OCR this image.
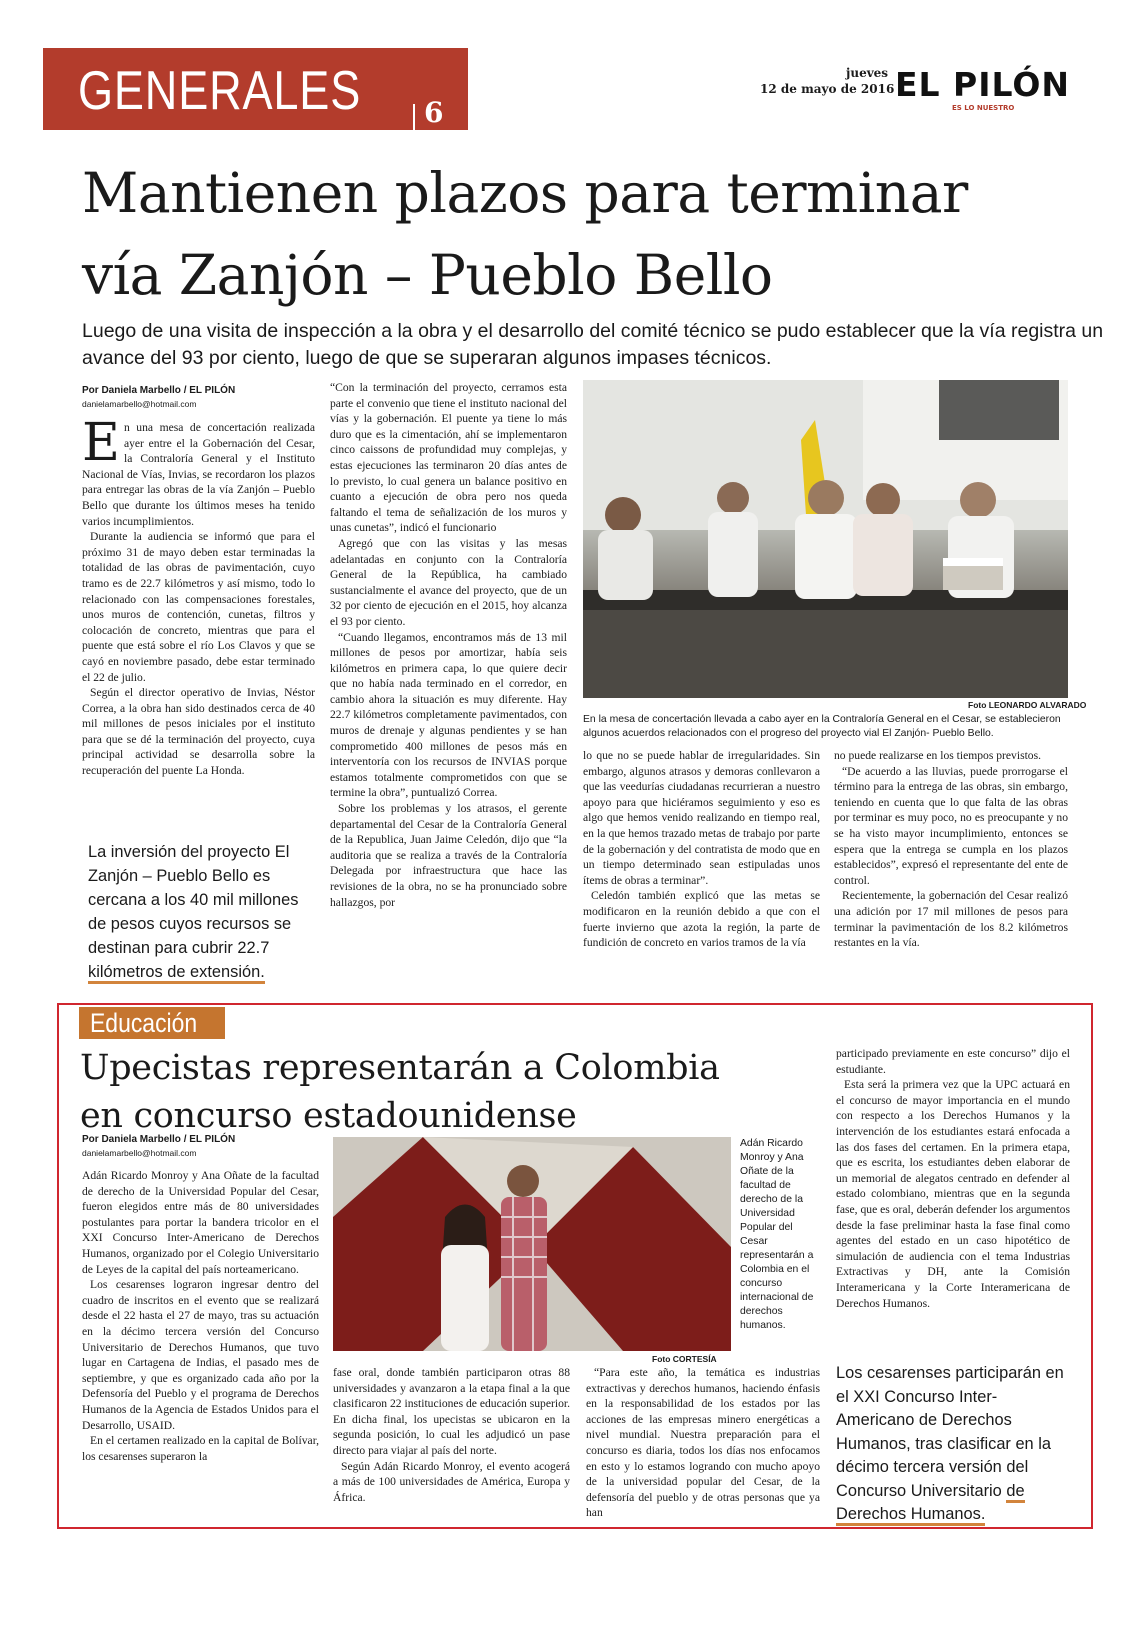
GENERALES 6
jueves
12 de mayo de 2016 EL PILÓN
ES LO NUESTRO
Mantienen plazos para terminar
vía Zanjón – Pueblo Bello
Luego de una visita de inspección a la obra y el desarrollo del comité técnico se pudo establecer que la vía registra un avance del 93 por ciento, luego de que se superaran algunos impases técnicos.
Por Daniela Marbello / EL PILÓN
danielamarbello@hotmail.com

En una mesa de concertación realizada ayer entre el la Gobernación del Cesar, la Contraloría General y el Instituto Nacional de Vías, Invias, se recordaron los plazos para entregar las obras de la vía Zanjón – Pueblo Bello que durante los últimos meses ha tenido varios incumplimientos.

Durante la audiencia se informó que para el próximo 31 de mayo deben estar terminadas la totalidad de las obras de pavimentación, cuyo tramo es de 22.7 kilómetros y así mismo, todo lo relacionado con las compensaciones forestales, unos muros de contención, cunetas, filtros y colocación de concreto, mientras que para el puente que está sobre el río Los Clavos y que se cayó en noviembre pasado, debe estar terminado el 22 de julio.

Según el director operativo de Invias, Néstor Correa, a la obra han sido destinados cerca de 40 mil millones de pesos iniciales por el instituto para que se dé la terminación del proyecto, cuya principal actividad se desarrolla sobre la recuperación del puente La Honda.

La inversión del proyecto El Zanjón – Pueblo Bello es cercana a los 40 mil millones de pesos cuyos recursos se destinan para cubrir 22.7 kilómetros de extensión.

“Con la terminación del proyecto, cerramos esta parte el convenio que tiene el instituto nacional del vías y la gobernación. El puente ya tiene lo más duro que es la cimentación, ahí se implementaron cinco caissons de profundidad muy complejas, y estas ejecuciones las terminaron 20 días antes de lo previsto, lo cual genera un balance positivo en cuanto a ejecución de obra pero nos queda faltando el tema de señalización de los muros y unas cunetas”, indicó el funcionario

Agregó que con las visitas y las mesas adelantadas en conjunto con la Contraloría General de la República, ha cambiado sustancialmente el avance del proyecto, que de un 32 por ciento de ejecución en el 2015, hoy alcanza el 93 por ciento.

“Cuando llegamos, encontramos más de 13 mil millones de pesos por amortizar, había seis kilómetros en primera capa, lo que quiere decir que no había nada terminado en el corredor, en cambio ahora la situación es muy diferente. Hay 22.7 kilómetros completamente pavimentados, con muros de drenaje y algunas pendientes y se han comprometido 400 millones de pesos más en interventoría con los recursos de INVIAS porque estamos totalmente comprometidos con que se termine la obra”, puntualizó Correa.

Sobre los problemas y los atrasos, el gerente departamental del Cesar de la Contraloría General de la Republica, Juan Jaime Celedón, dijo que “la auditoria que se realiza a través de la Contraloría Delegada por infraestructura que hace las revisiones de la obra, no se ha pronunciado sobre hallazgos, por

Foto LEONARDO ALVARADO
En la mesa de concertación llevada a cabo ayer en la Contraloría General en el Cesar, se establecieron algunos acuerdos relacionados con el progreso del proyecto vial El Zanjón- Pueblo Bello.

lo que no se puede hablar de irregularidades. Sin embargo, algunos atrasos y demoras conllevaron a que las veedurías ciudadanas recurrieran a nuestro apoyo para que hiciéramos seguimiento y eso es algo que hemos venido realizando en tiempo real, en la que hemos trazado metas de trabajo por parte de la gobernación y del contratista de modo que en un tiempo determinado sean estipuladas unos ítems de obras a terminar”.

Celedón también explicó que las metas se modificaron en la reunión debido a que con el fuerte invierno que azota la región, la parte de fundición de concreto en varios tramos de la vía

no puede realizarse en los tiempos previstos.

“De acuerdo a las lluvias, puede prorrogarse el término para la entrega de las obras, sin embargo, teniendo en cuenta que lo que falta de las obras por terminar es muy poco, no es preocupante y no se ha visto mayor incumplimiento, entonces se espera que la entrega se cumpla en los plazos establecidos”, expresó el representante del ente de control.

Recientemente, la gobernación del Cesar realizó una adición por 17 mil millones de pesos para terminar la pavimentación de los 8.2 kilómetros restantes en la vía.

Educación
Upecistas representarán a Colombia
en concurso estadounidense
Por Daniela Marbello / EL PILÓN
danielamarbello@hotmail.com

Adán Ricardo Monroy y Ana Oñate de la facultad de derecho de la Universidad Popular del Cesar, fueron elegidos entre más de 80 universidades postulantes para portar la bandera tricolor en el XXI Concurso Inter-Americano de Derechos Humanos, organizado por el Colegio Universitario de Leyes de la capital del país norteamericano.

Los cesarenses lograron ingresar dentro del cuadro de inscritos en el evento que se realizará desde el 22 hasta el 27 de mayo, tras su actuación en la décimo tercera versión del Concurso Universitario de Derechos Humanos, que tuvo lugar en Cartagena de Indias, el pasado mes de septiembre, y que es organizado cada año por la Defensoría del Pueblo y el programa de Derechos Humanos de la Agencia de Estados Unidos para el Desarrollo, USAID.

En el certamen realizado en la capital de Bolívar, los cesarenses superaron la

Foto CORTESÍA
Adán Ricardo Monroy y Ana Oñate de la facultad de derecho de la Universidad Popular del Cesar representarán a Colombia en el concurso internacional de derechos humanos.

fase oral, donde también participaron otras 88 universidades y avanzaron a la etapa final a la que clasificaron 22 instituciones de educación superior. En dicha final, los upecistas se ubicaron en la segunda posición, lo cual les adjudicó un pase directo para viajar al país del norte.

Según Adán Ricardo Monroy, el evento acogerá a más de 100 universidades de América, Europa y África.

“Para este año, la temática es industrias extractivas y derechos humanos, haciendo énfasis en la responsabilidad de los estados por las acciones de las empresas minero energéticas a nivel mundial. Nuestra preparación para el concurso es diaria, todos los días nos enfocamos en esto y lo estamos logrando con mucho apoyo de la universidad popular del Cesar, de la defensoría del pueblo y de otras personas que ya han

participado previamente en este concurso” dijo el estudiante.

Esta será la primera vez que la UPC actuará en el concurso de mayor importancia en el mundo con respecto a los Derechos Humanos y la intervención de los estudiantes estará enfocada a las dos fases del certamen. En la primera etapa, que es escrita, los estudiantes deben elaborar de un memorial de alegatos centrado en defender al estado colombiano, mientras que en la segunda fase, que es oral, deberán defender los argumentos desde la fase preliminar hasta la fase final como agentes del estado en un caso hipotético de simulación de audiencia con el tema Industrias Extractivas y DH, ante la Comisión Interamericana y la Corte Interamericana de Derechos Humanos.

Los cesarenses participarán en el XXI Concurso Inter-Americano de Derechos Humanos, tras clasificar en la décimo tercera versión del Concurso Universitario de Derechos Humanos.
